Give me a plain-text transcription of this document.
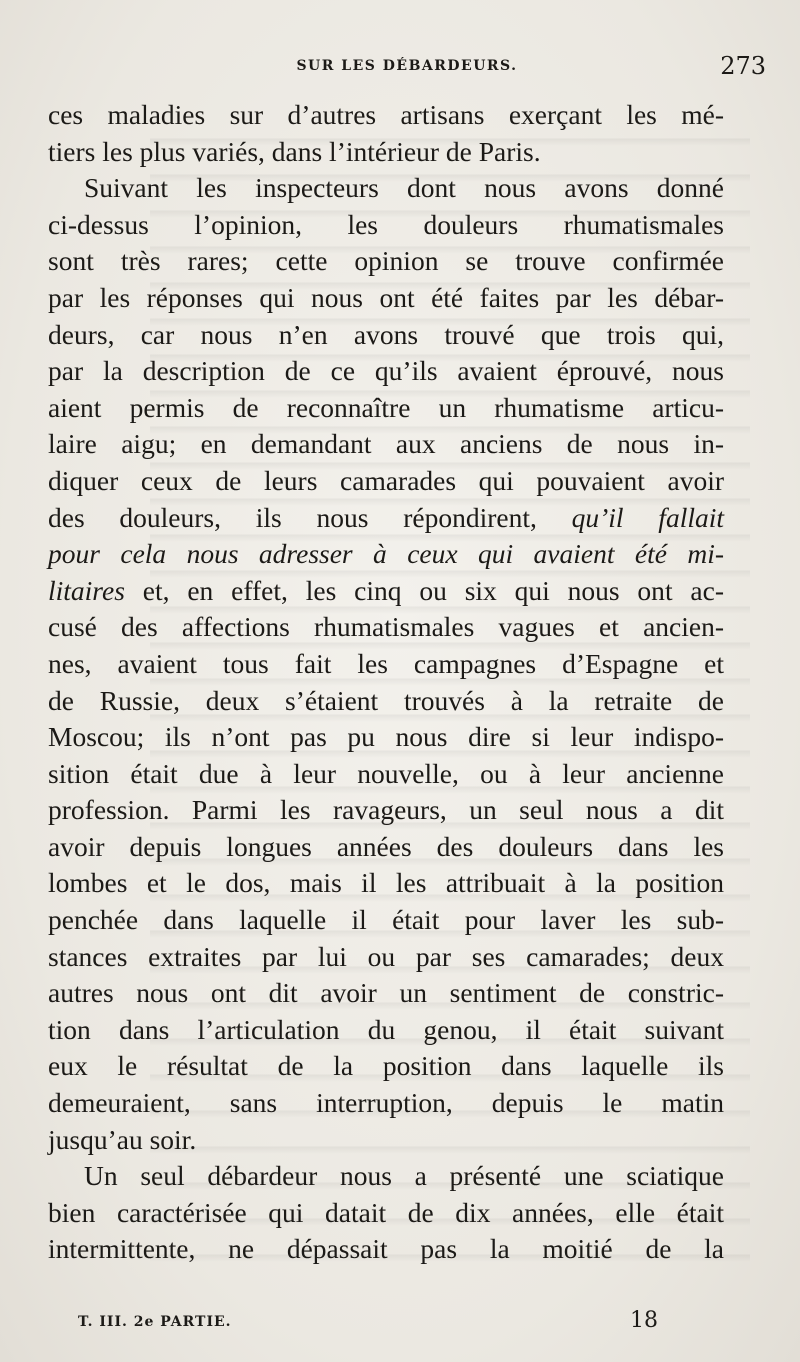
SUR LES DÉBARDEURS.	273
ces maladies sur d’autres artisans exerçant les mé-
tiers les plus variés, dans l’intérieur de Paris.
Suivant les inspecteurs dont nous avons donné
ci-dessus l’opinion, les douleurs rhumatismales
sont très rares; cette opinion se trouve confirmée
par les réponses qui nous ont été faites par les débar-
deurs, car nous n’en avons trouvé que trois qui,
par la description de ce qu’ils avaient éprouvé, nous
aient permis de reconnaître un rhumatisme articu-
laire aigu; en demandant aux anciens de nous in-
diquer ceux de leurs camarades qui pouvaient avoir
des douleurs, ils nous répondirent, qu’il fallait
pour cela nous adresser à ceux qui avaient été mi-
litaires et, en effet, les cinq ou six qui nous ont ac-
cusé des affections rhumatismales vagues et ancien-
nes, avaient tous fait les campagnes d’Espagne et
de Russie, deux s’étaient trouvés à la retraite de
Moscou; ils n’ont pas pu nous dire si leur indispo-
sition était due à leur nouvelle, ou à leur ancienne
profession. Parmi les ravageurs, un seul nous a dit
avoir depuis longues années des douleurs dans les
lombes et le dos, mais il les attribuait à la position
penchée dans laquelle il était pour laver les sub-
stances extraites par lui ou par ses camarades; deux
autres nous ont dit avoir un sentiment de constric-
tion dans l’articulation du genou, il était suivant
eux le résultat de la position dans laquelle ils
demeuraient, sans interruption, depuis le matin
jusqu’au soir.
Un seul débardeur nous a présenté une sciatique
bien caractérisée qui datait de dix années, elle était
intermittente, ne dépassait pas la moitié de la
T. III. 2e PARTIE.	18
